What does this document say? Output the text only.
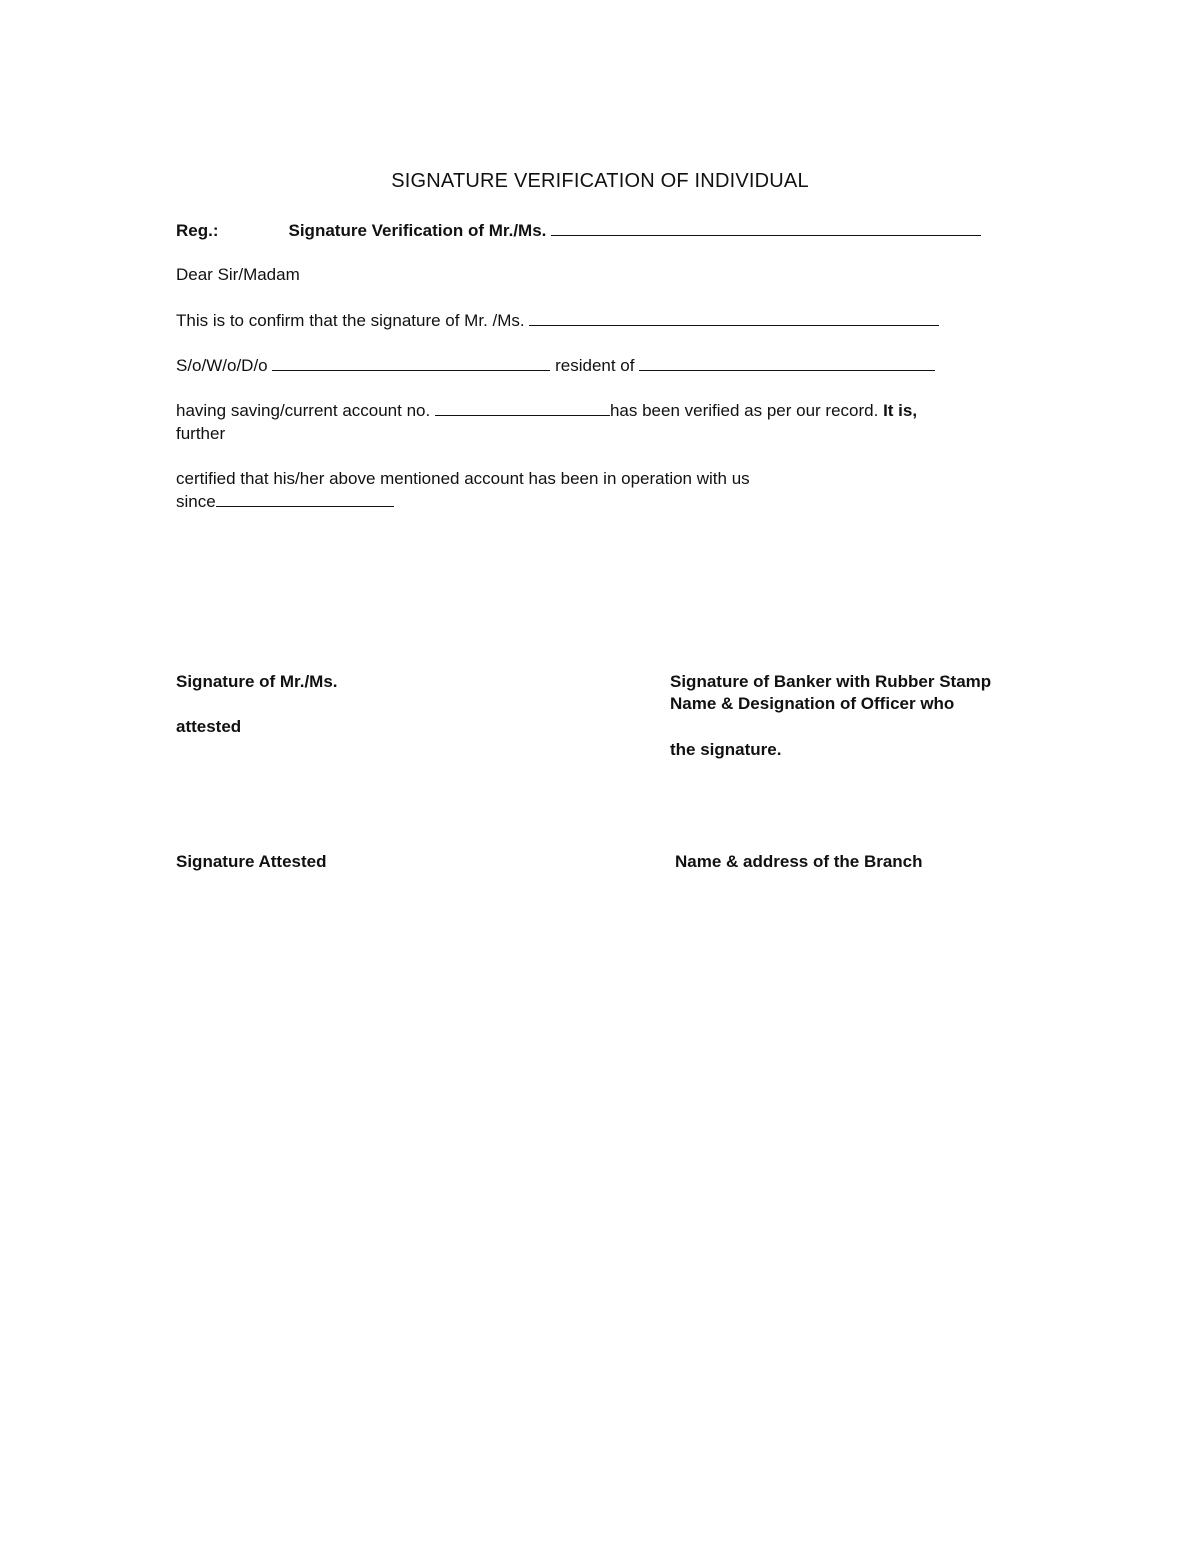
SIGNATURE VERIFICATION OF INDIVIDUAL
Reg.:	Signature Verification of Mr./Ms.
Dear Sir/Madam
This is to confirm that the signature of Mr. /Ms.
S/o/W/o/D/o	resident of
having saving/current account no.	has been verified as per our record. It is,
further
certified that his/her above mentioned account has been in operation with us
since
Signature of Mr./Ms.
attested
Signature of Banker with Rubber Stamp
Name & Designation of Officer who
the signature.
Signature Attested	Name & address of the Branch
